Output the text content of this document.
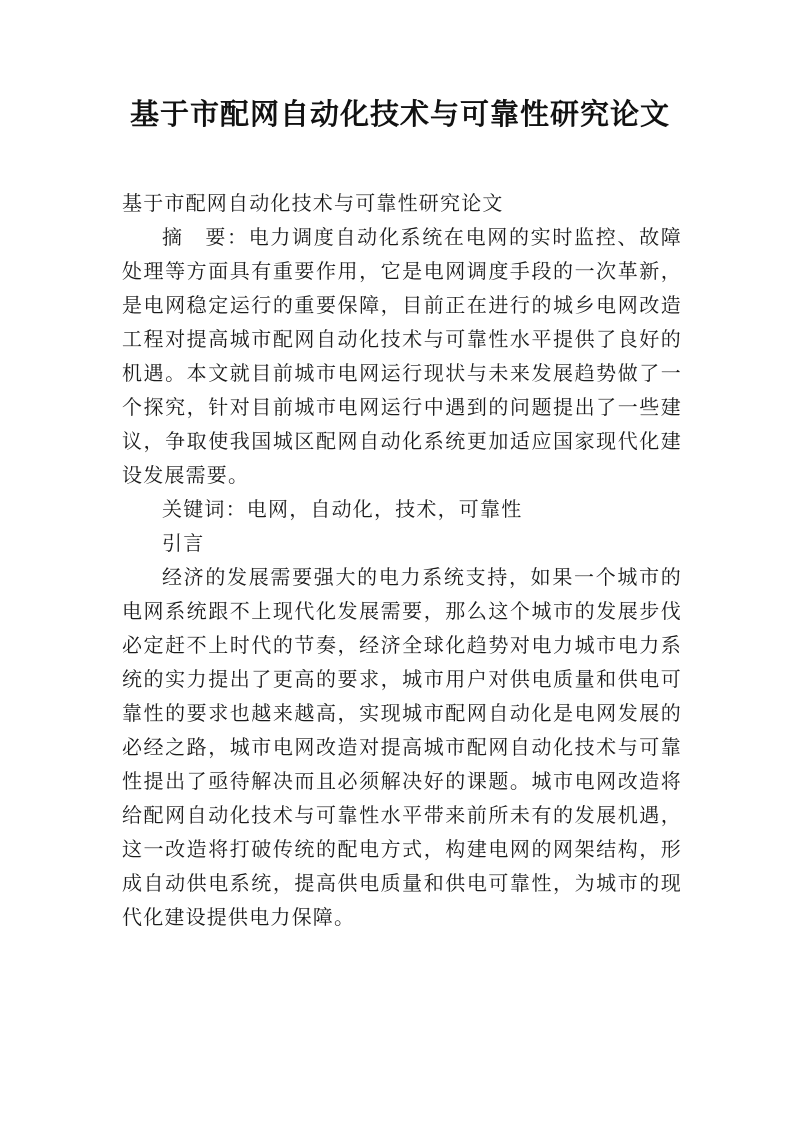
基于市配网自动化技术与可靠性研究论文

基于市配网自动化技术与可靠性研究论文

摘　要：电力调度自动化系统在电网的实时监控、故障处理等方面具有重要作用，它是电网调度手段的一次革新，是电网稳定运行的重要保障，目前正在进行的城乡电网改造工程对提高城市配网自动化技术与可靠性水平提供了良好的机遇。本文就目前城市电网运行现状与未来发展趋势做了一个探究，针对目前城市电网运行中遇到的问题提出了一些建议，争取使我国城区配网自动化系统更加适应国家现代化建设发展需要。

关键词：电网，自动化，技术，可靠性

引言

经济的发展需要强大的电力系统支持，如果一个城市的电网系统跟不上现代化发展需要，那么这个城市的发展步伐必定赶不上时代的节奏，经济全球化趋势对电力城市电力系统的实力提出了更高的要求，城市用户对供电质量和供电可靠性的要求也越来越高，实现城市配网自动化是电网发展的必经之路，城市电网改造对提高城市配网自动化技术与可靠性提出了亟待解决而且必须解决好的课题。城市电网改造将给配网自动化技术与可靠性水平带来前所未有的发展机遇，这一改造将打破传统的配电方式，构建电网的网架结构，形成自动供电系统，提高供电质量和供电可靠性，为城市的现代化建设提供电力保障。
